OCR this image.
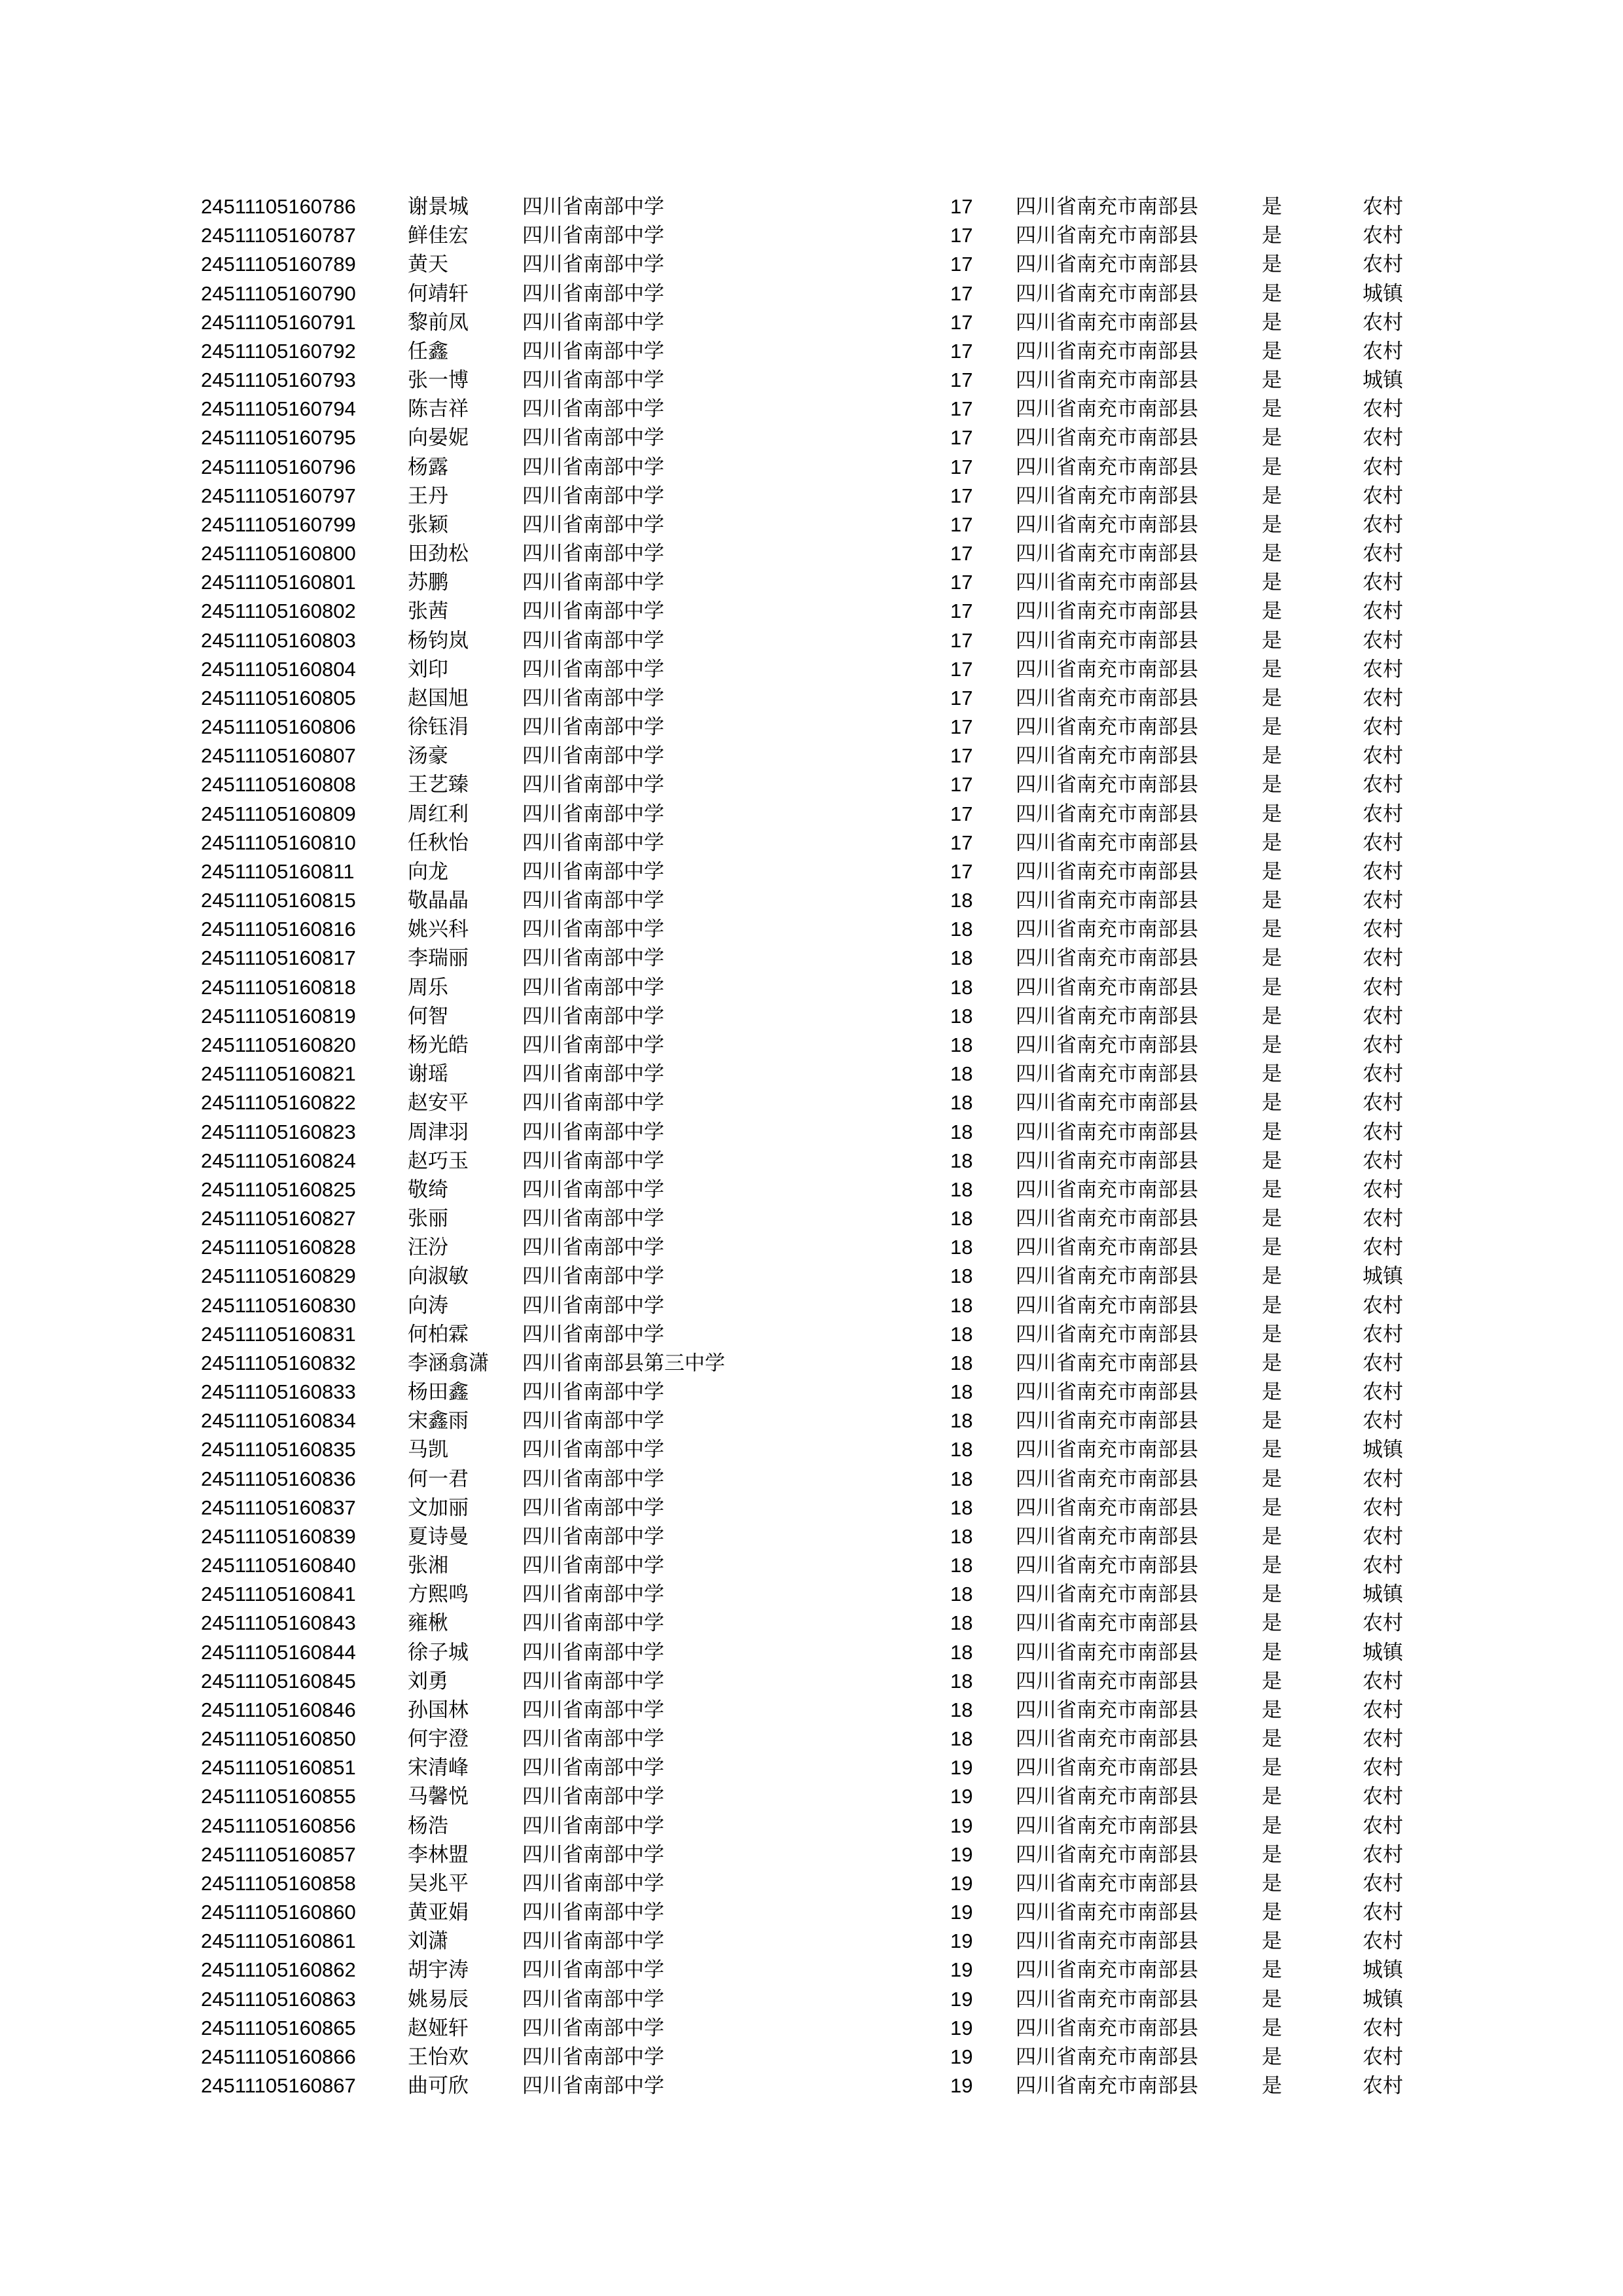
24511105160786	谢景城	四川省南部中学	17 四川省南充市南部县	是	农村
24511105160787	鲜佳宏	四川省南部中学	17 四川省南充市南部县	是	农村
24511105160789	黄天	四川省南部中学	17 四川省南充市南部县	是	农村
24511105160790	何靖轩	四川省南部中学	17 四川省南充市南部县	是	城镇
24511105160791	黎前凤	四川省南部中学	17 四川省南充市南部县	是	农村
24511105160792	任鑫	四川省南部中学	17 四川省南充市南部县	是	农村
24511105160793	张一博	四川省南部中学	17 四川省南充市南部县	是	城镇
24511105160794	陈吉祥	四川省南部中学	17 四川省南充市南部县	是	农村
24511105160795	向晏妮	四川省南部中学	17 四川省南充市南部县	是	农村
24511105160796	杨露	四川省南部中学	17 四川省南充市南部县	是	农村
24511105160797	王丹	四川省南部中学	17 四川省南充市南部县	是	农村
24511105160799	张颖	四川省南部中学	17 四川省南充市南部县	是	农村
24511105160800	田劲松	四川省南部中学	17 四川省南充市南部县	是	农村
24511105160801	苏鹏	四川省南部中学	17 四川省南充市南部县	是	农村
24511105160802	张茜	四川省南部中学	17 四川省南充市南部县	是	农村
24511105160803	杨钧岚	四川省南部中学	17 四川省南充市南部县	是	农村
24511105160804	刘印	四川省南部中学	17 四川省南充市南部县	是	农村
24511105160805	赵国旭	四川省南部中学	17 四川省南充市南部县	是	农村
24511105160806	徐钰涓	四川省南部中学	17 四川省南充市南部县	是	农村
24511105160807	汤豪	四川省南部中学	17 四川省南充市南部县	是	农村
24511105160808	王艺臻	四川省南部中学	17 四川省南充市南部县	是	农村
24511105160809	周红利	四川省南部中学	17 四川省南充市南部县	是	农村
24511105160810	任秋怡	四川省南部中学	17 四川省南充市南部县	是	农村
24511105160811	向龙	四川省南部中学	17 四川省南充市南部县	是	农村
24511105160815	敬晶晶	四川省南部中学	18 四川省南充市南部县	是	农村
24511105160816	姚兴科	四川省南部中学	18 四川省南充市南部县	是	农村
24511105160817	李瑞丽	四川省南部中学	18 四川省南充市南部县	是	农村
24511105160818	周乐	四川省南部中学	18 四川省南充市南部县	是	农村
24511105160819	何智	四川省南部中学	18 四川省南充市南部县	是	农村
24511105160820	杨光皓	四川省南部中学	18 四川省南充市南部县	是	农村
24511105160821	谢瑶	四川省南部中学	18 四川省南充市南部县	是	农村
24511105160822	赵安平	四川省南部中学	18 四川省南充市南部县	是	农村
24511105160823	周津羽	四川省南部中学	18 四川省南充市南部县	是	农村
24511105160824	赵巧玉	四川省南部中学	18 四川省南充市南部县	是	农村
24511105160825	敬绮	四川省南部中学	18 四川省南充市南部县	是	农村
24511105160827	张丽	四川省南部中学	18 四川省南充市南部县	是	农村
24511105160828	汪汾	四川省南部中学	18 四川省南充市南部县	是	农村
24511105160829	向淑敏	四川省南部中学	18 四川省南充市南部县	是	城镇
24511105160830	向涛	四川省南部中学	18 四川省南充市南部县	是	农村
24511105160831	何柏霖	四川省南部中学	18 四川省南充市南部县	是	农村
24511105160832	李涵翕潇 四川省南部县第三中学	18 四川省南充市南部县	是	农村
24511105160833	杨田鑫	四川省南部中学	18 四川省南充市南部县	是	农村
24511105160834	宋鑫雨	四川省南部中学	18 四川省南充市南部县	是	农村
24511105160835	马凯	四川省南部中学	18 四川省南充市南部县	是	城镇
24511105160836	何一君	四川省南部中学	18 四川省南充市南部县	是	农村
24511105160837	文加丽	四川省南部中学	18 四川省南充市南部县	是	农村
24511105160839	夏诗曼	四川省南部中学	18 四川省南充市南部县	是	农村
24511105160840	张湘	四川省南部中学	18 四川省南充市南部县	是	农村
24511105160841	方熙鸣	四川省南部中学	18 四川省南充市南部县	是	城镇
24511105160843	雍楸	四川省南部中学	18 四川省南充市南部县	是	农村
24511105160844	徐子城	四川省南部中学	18 四川省南充市南部县	是	城镇
24511105160845	刘勇	四川省南部中学	18 四川省南充市南部县	是	农村
24511105160846	孙国林	四川省南部中学	18 四川省南充市南部县	是	农村
24511105160850	何宇澄	四川省南部中学	18 四川省南充市南部县	是	农村
24511105160851	宋清峰	四川省南部中学	19 四川省南充市南部县	是	农村
24511105160855	马馨悦	四川省南部中学	19 四川省南充市南部县	是	农村
24511105160856	杨浩	四川省南部中学	19 四川省南充市南部县	是	农村
24511105160857	李林盟	四川省南部中学	19 四川省南充市南部县	是	农村
24511105160858	吴兆平	四川省南部中学	19 四川省南充市南部县	是	农村
24511105160860	黄亚娟	四川省南部中学	19 四川省南充市南部县	是	农村
24511105160861	刘潇	四川省南部中学	19 四川省南充市南部县	是	农村
24511105160862	胡宇涛	四川省南部中学	19 四川省南充市南部县	是	城镇
24511105160863	姚易辰	四川省南部中学	19 四川省南充市南部县	是	城镇
24511105160865	赵娅轩	四川省南部中学	19 四川省南充市南部县	是	农村
24511105160866	王怡欢	四川省南部中学	19 四川省南充市南部县	是	农村
24511105160867	曲可欣	四川省南部中学	19 四川省南充市南部县	是	农村
